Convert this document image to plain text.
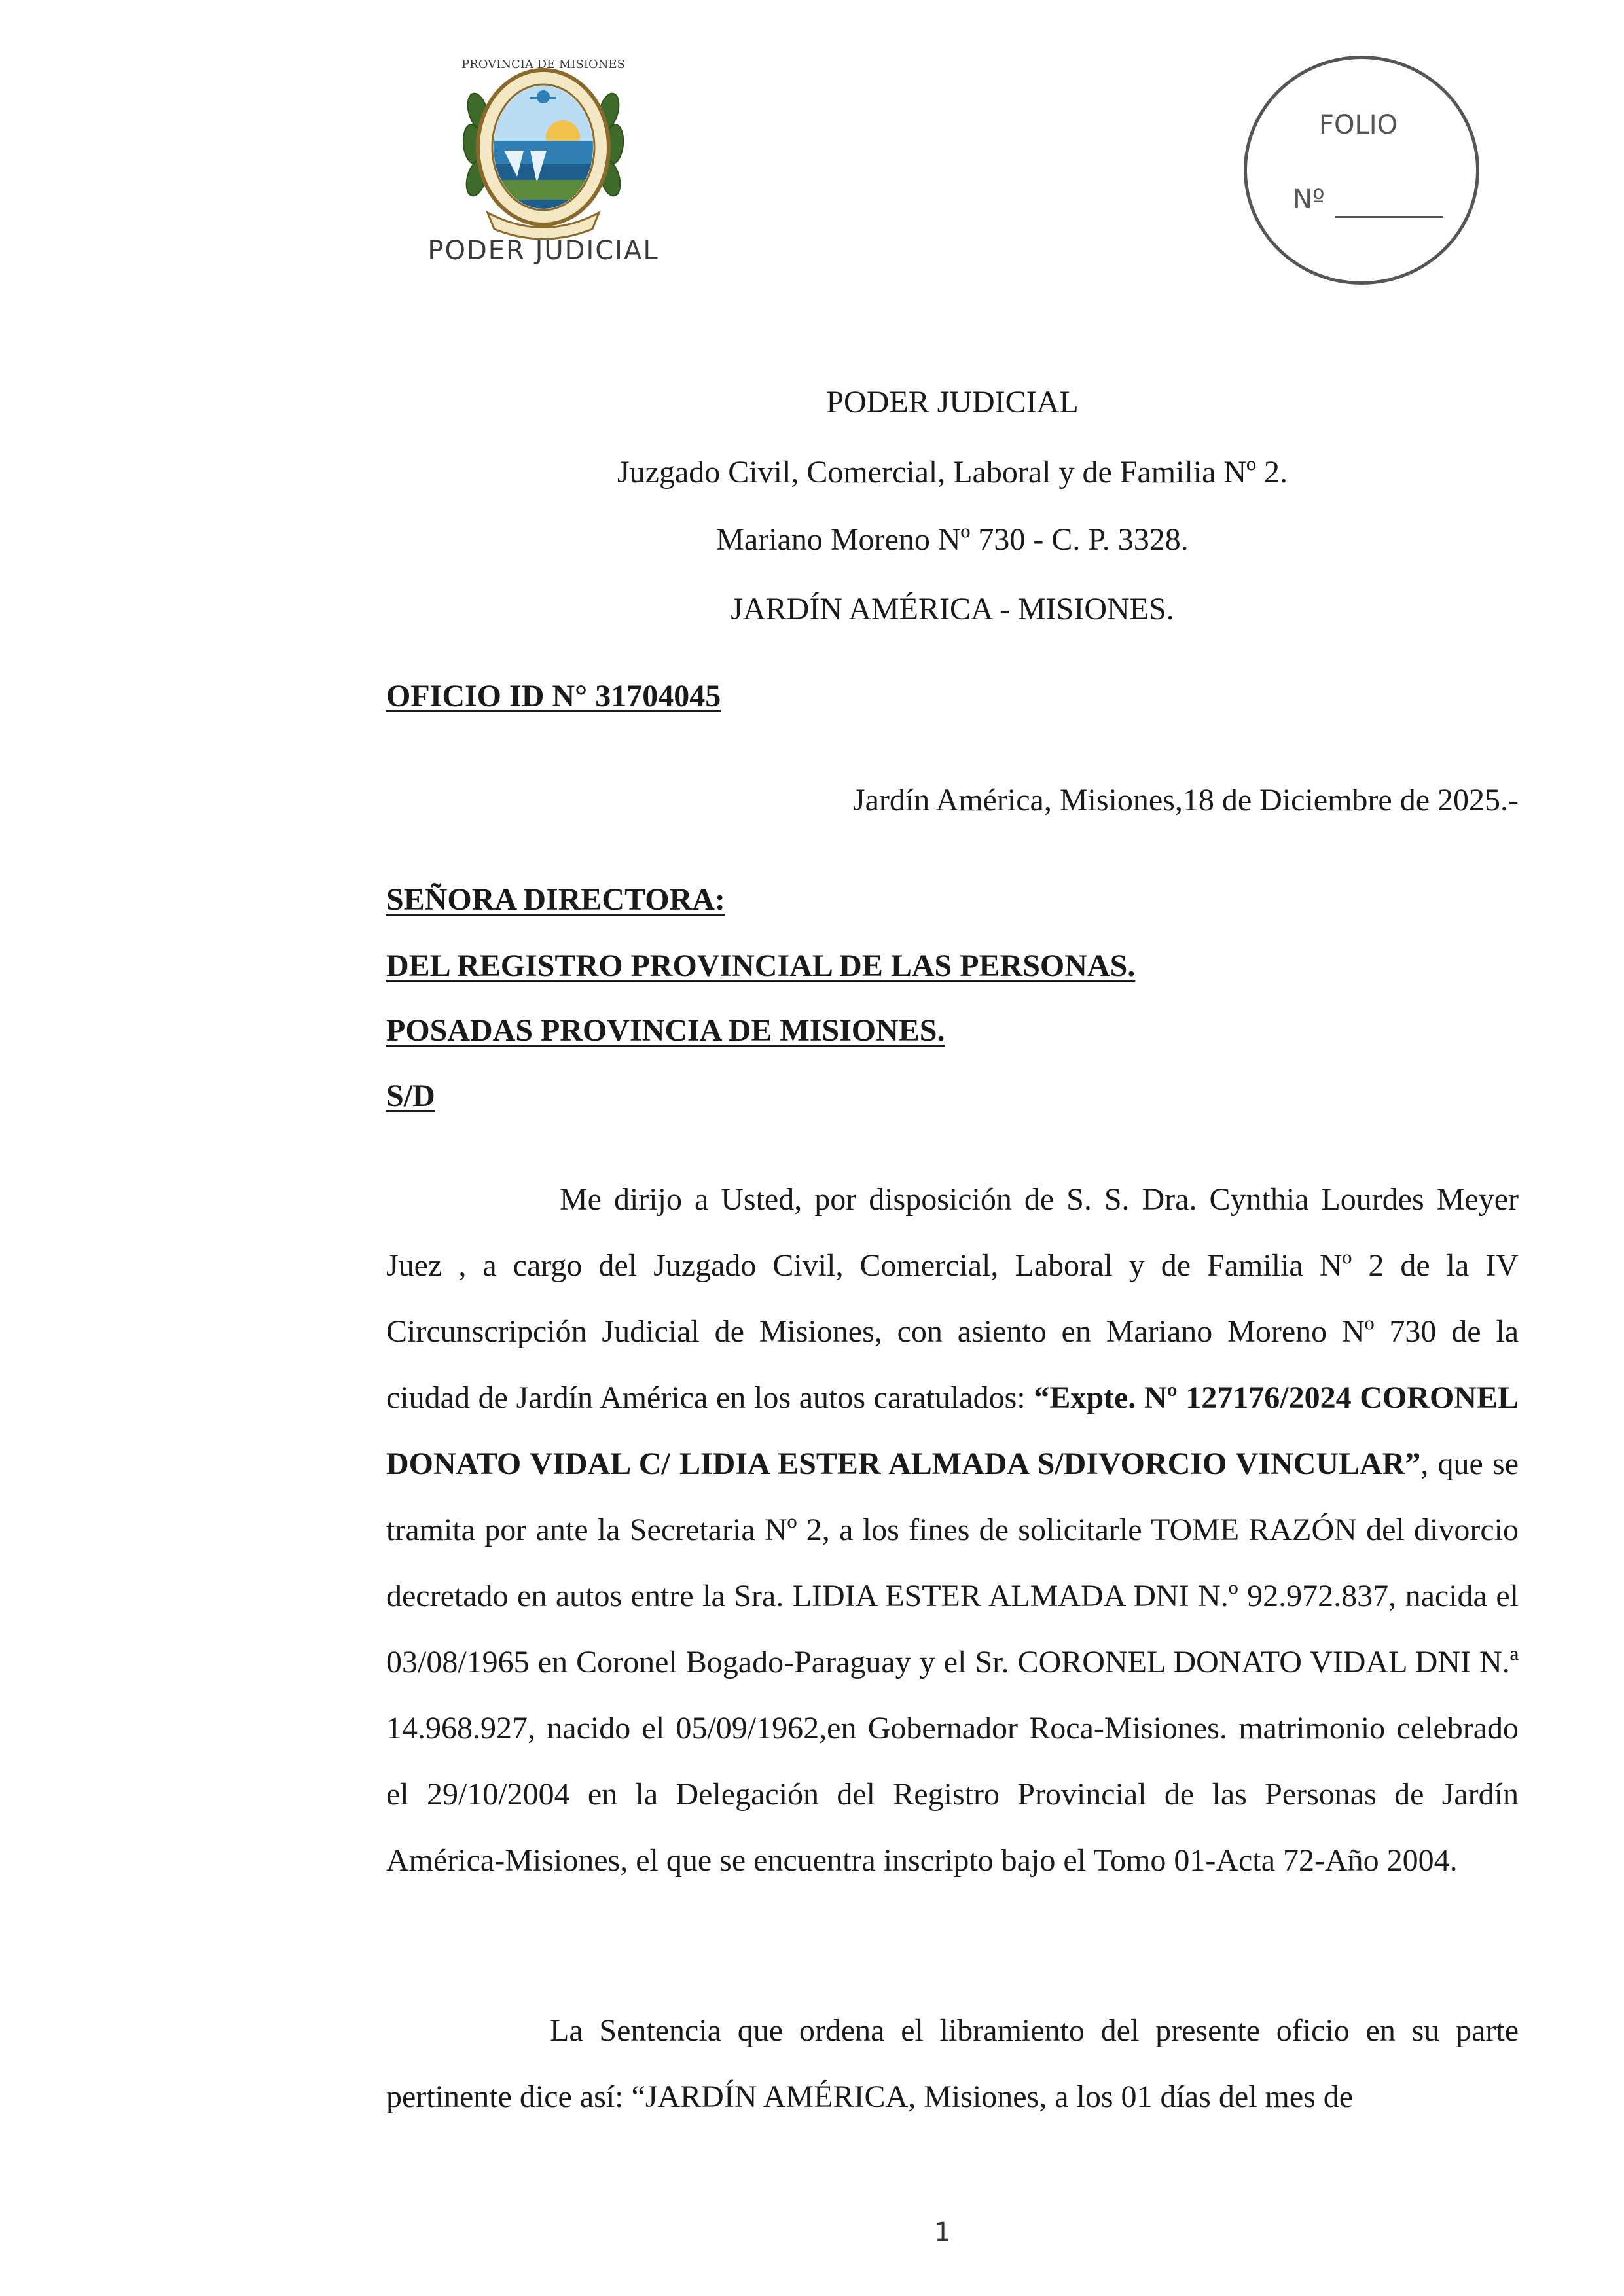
PROVINCIA DE MISIONES
PODER JUDICIAL
FOLIO
Nº
PODER JUDICIAL
Juzgado Civil, Comercial, Laboral y de Familia Nº 2.
Mariano Moreno Nº 730 - C. P. 3328.
JARDÍN AMÉRICA - MISIONES.
OFICIO ID N° 31704045
Jardín América, Misiones,18 de Diciembre de 2025.-
SEÑORA DIRECTORA:
DEL REGISTRO PROVINCIAL DE LAS PERSONAS.
POSADAS PROVINCIA DE MISIONES.
S/D
Me dirijo a Usted, por disposición de S. S. Dra. Cynthia Lourdes Meyer Juez , a cargo del Juzgado Civil, Comercial, Laboral y de Familia Nº 2 de la IV Circunscripción Judicial de Misiones, con asiento en Mariano Moreno Nº 730 de la ciudad de Jardín América en los autos caratulados: “Expte. Nº 127176/2024 CORONEL DONATO VIDAL C/ LIDIA ESTER ALMADA S/DIVORCIO VINCULAR”, que se tramita por ante la Secretaria Nº 2, a los fines de solicitarle TOME RAZÓN del divorcio decretado en autos entre la Sra. LIDIA ESTER ALMADA DNI N.º 92.972.837, nacida el 03/08/1965 en Coronel Bogado-Paraguay y el Sr. CORONEL DONATO VIDAL DNI N.ª 14.968.927, nacido el 05/09/1962,en Gobernador Roca-Misiones. matrimonio celebrado el 29/10/2004 en la Delegación del Registro Provincial de las Personas de Jardín América-Misiones, el que se encuentra inscripto bajo el Tomo 01-Acta 72-Año 2004.
La Sentencia que ordena el libramiento del presente oficio en su parte pertinente dice así: “JARDÍN AMÉRICA, Misiones, a los 01 días del mes de
1
